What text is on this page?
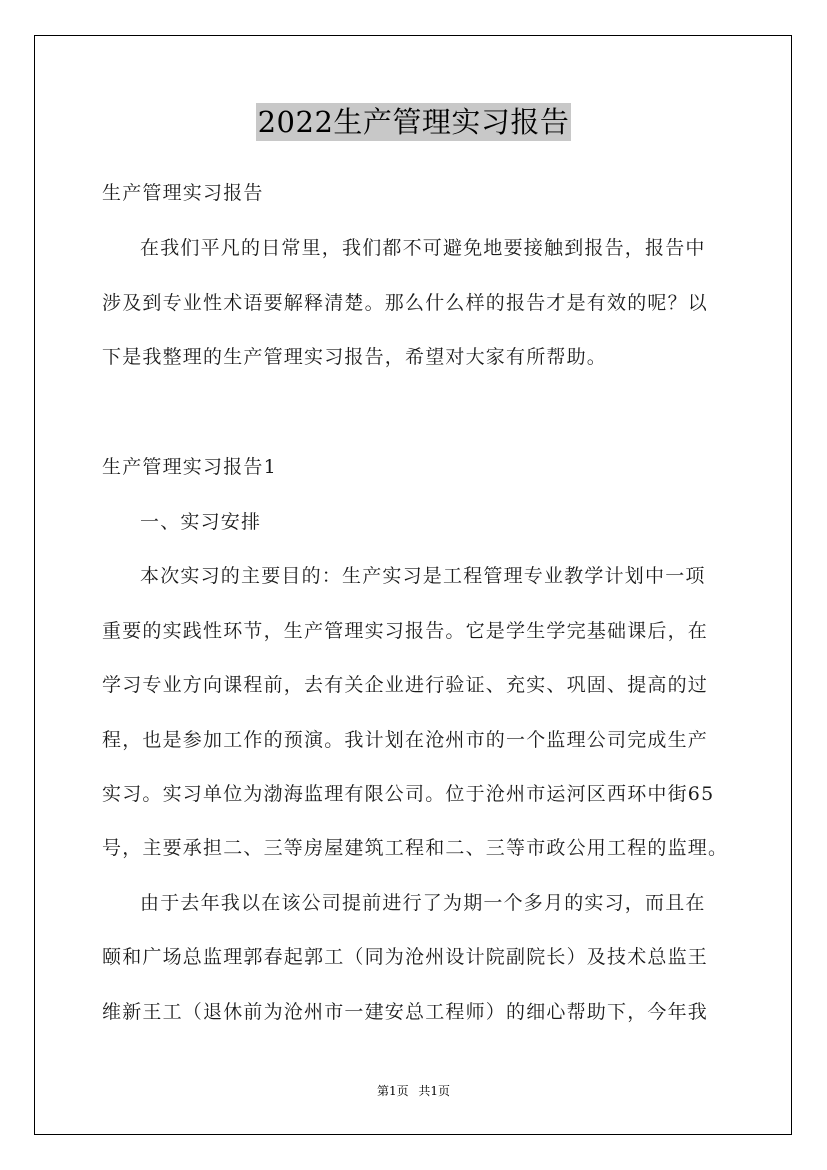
2022生产管理实习报告
生产管理实习报告
在我们平凡的日常里，我们都不可避免地要接触到报告，报告中
涉及到专业性术语要解释清楚。那么什么样的报告才是有效的呢？以
下是我整理的生产管理实习报告，希望对大家有所帮助。
生产管理实习报告1
一、实习安排
本次实习的主要目的：生产实习是工程管理专业教学计划中一项
重要的实践性环节，生产管理实习报告。它是学生学完基础课后，在
学习专业方向课程前，去有关企业进行验证、充实、巩固、提高的过
程，也是参加工作的预演。我计划在沧州市的一个监理公司完成生产
实习。实习单位为渤海监理有限公司。位于沧州市运河区西环中街65
号，主要承担二、三等房屋建筑工程和二、三等市政公用工程的监理。
由于去年我以在该公司提前进行了为期一个多月的实习，而且在
颐和广场总监理郭春起郭工（同为沧州设计院副院长）及技术总监王
维新王工（退休前为沧州市一建安总工程师）的细心帮助下，今年我
第1页 共1页
